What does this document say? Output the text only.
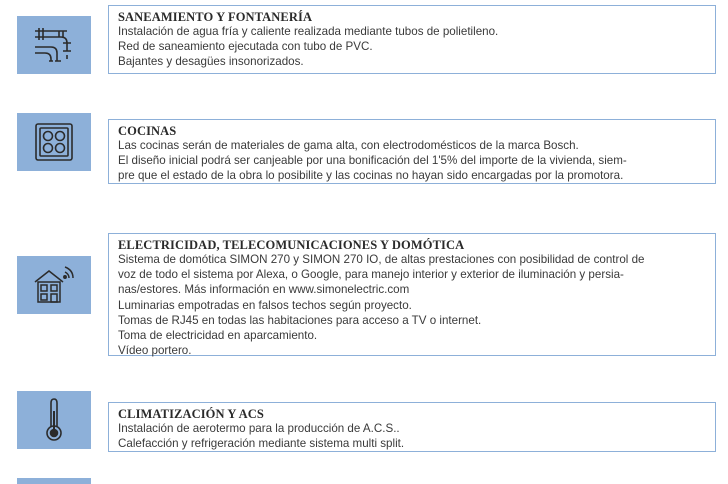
SANEAMIENTO Y FONTANERÍA
Instalación de agua fría y caliente realizada mediante tubos de polietileno.
Red de saneamiento ejecutada con tubo de PVC.
Bajantes y desagües insonorizados.
COCINAS
Las cocinas serán de materiales de gama alta, con electrodomésticos de la marca Bosch.
El diseño inicial podrá ser canjeable por una bonificación del 1'5% del importe de la vivienda, siem-
pre que el estado de la obra lo posibilite y las cocinas no hayan sido encargadas por la promotora.
ELECTRICIDAD, TELECOMUNICACIONES Y DOMÓTICA
Sistema de domótica SIMON 270 y SIMON 270 IO, de altas prestaciones con posibilidad de control de
voz de todo el sistema por Alexa, o Google, para manejo interior y exterior de iluminación y persia-
nas/estores. Más información en www.simonelectric.com
Luminarias empotradas en falsos techos según proyecto.
Tomas de RJ45 en todas las habitaciones para acceso a TV o internet.
Toma de electricidad en aparcamiento.
Vídeo portero.
CLIMATIZACIÓN Y ACS
Instalación de aerotermo para la producción de A.C.S..
Calefacción y refrigeración mediante sistema multi split.
